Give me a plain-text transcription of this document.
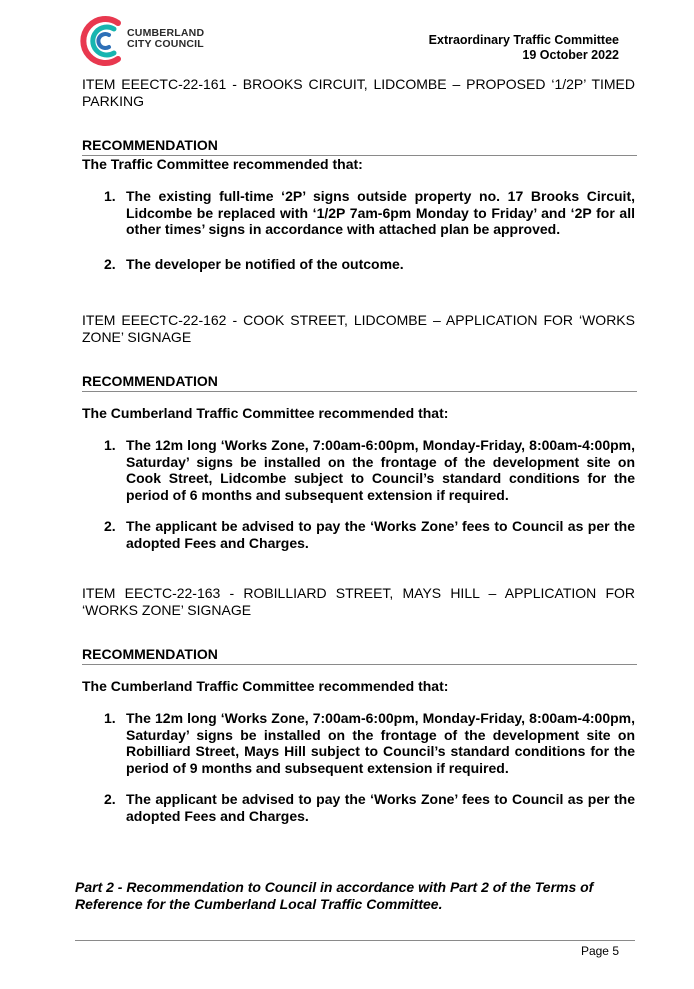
CUMBERLAND
CITY COUNCIL	Extraordinary Traffic Committee
19 October 2022
ITEM EEECTC-22-161 - BROOKS CIRCUIT, LIDCOMBE – PROPOSED ‘1/2P’ TIMED PARKING
RECOMMENDATION
The Traffic Committee recommended that:
1. The existing full-time ‘2P’ signs outside property no. 17 Brooks Circuit, Lidcombe be replaced with ‘1/2P 7am-6pm Monday to Friday’ and ‘2P for all other times’ signs in accordance with attached plan be approved.
2. The developer be notified of the outcome.
ITEM EEECTC-22-162 - COOK STREET, LIDCOMBE – APPLICATION FOR ‘WORKS ZONE’ SIGNAGE
RECOMMENDATION
The Cumberland Traffic Committee recommended that:
1. The 12m long ‘Works Zone, 7:00am-6:00pm, Monday-Friday, 8:00am-4:00pm, Saturday’ signs be installed on the frontage of the development site on Cook Street, Lidcombe subject to Council’s standard conditions for the period of 6 months and subsequent extension if required.
2. The applicant be advised to pay the ‘Works Zone’ fees to Council as per the adopted Fees and Charges.
ITEM EECTC-22-163 - ROBILLIARD STREET, MAYS HILL – APPLICATION FOR ‘WORKS ZONE’ SIGNAGE
RECOMMENDATION
The Cumberland Traffic Committee recommended that:
1. The 12m long ‘Works Zone, 7:00am-6:00pm, Monday-Friday, 8:00am-4:00pm, Saturday’ signs be installed on the frontage of the development site on Robilliard Street, Mays Hill subject to Council’s standard conditions for the period of 9 months and subsequent extension if required.
2. The applicant be advised to pay the ‘Works Zone’ fees to Council as per the adopted Fees and Charges.
Part 2 - Recommendation to Council in accordance with Part 2 of the Terms of Reference for the Cumberland Local Traffic Committee.
Page 5
